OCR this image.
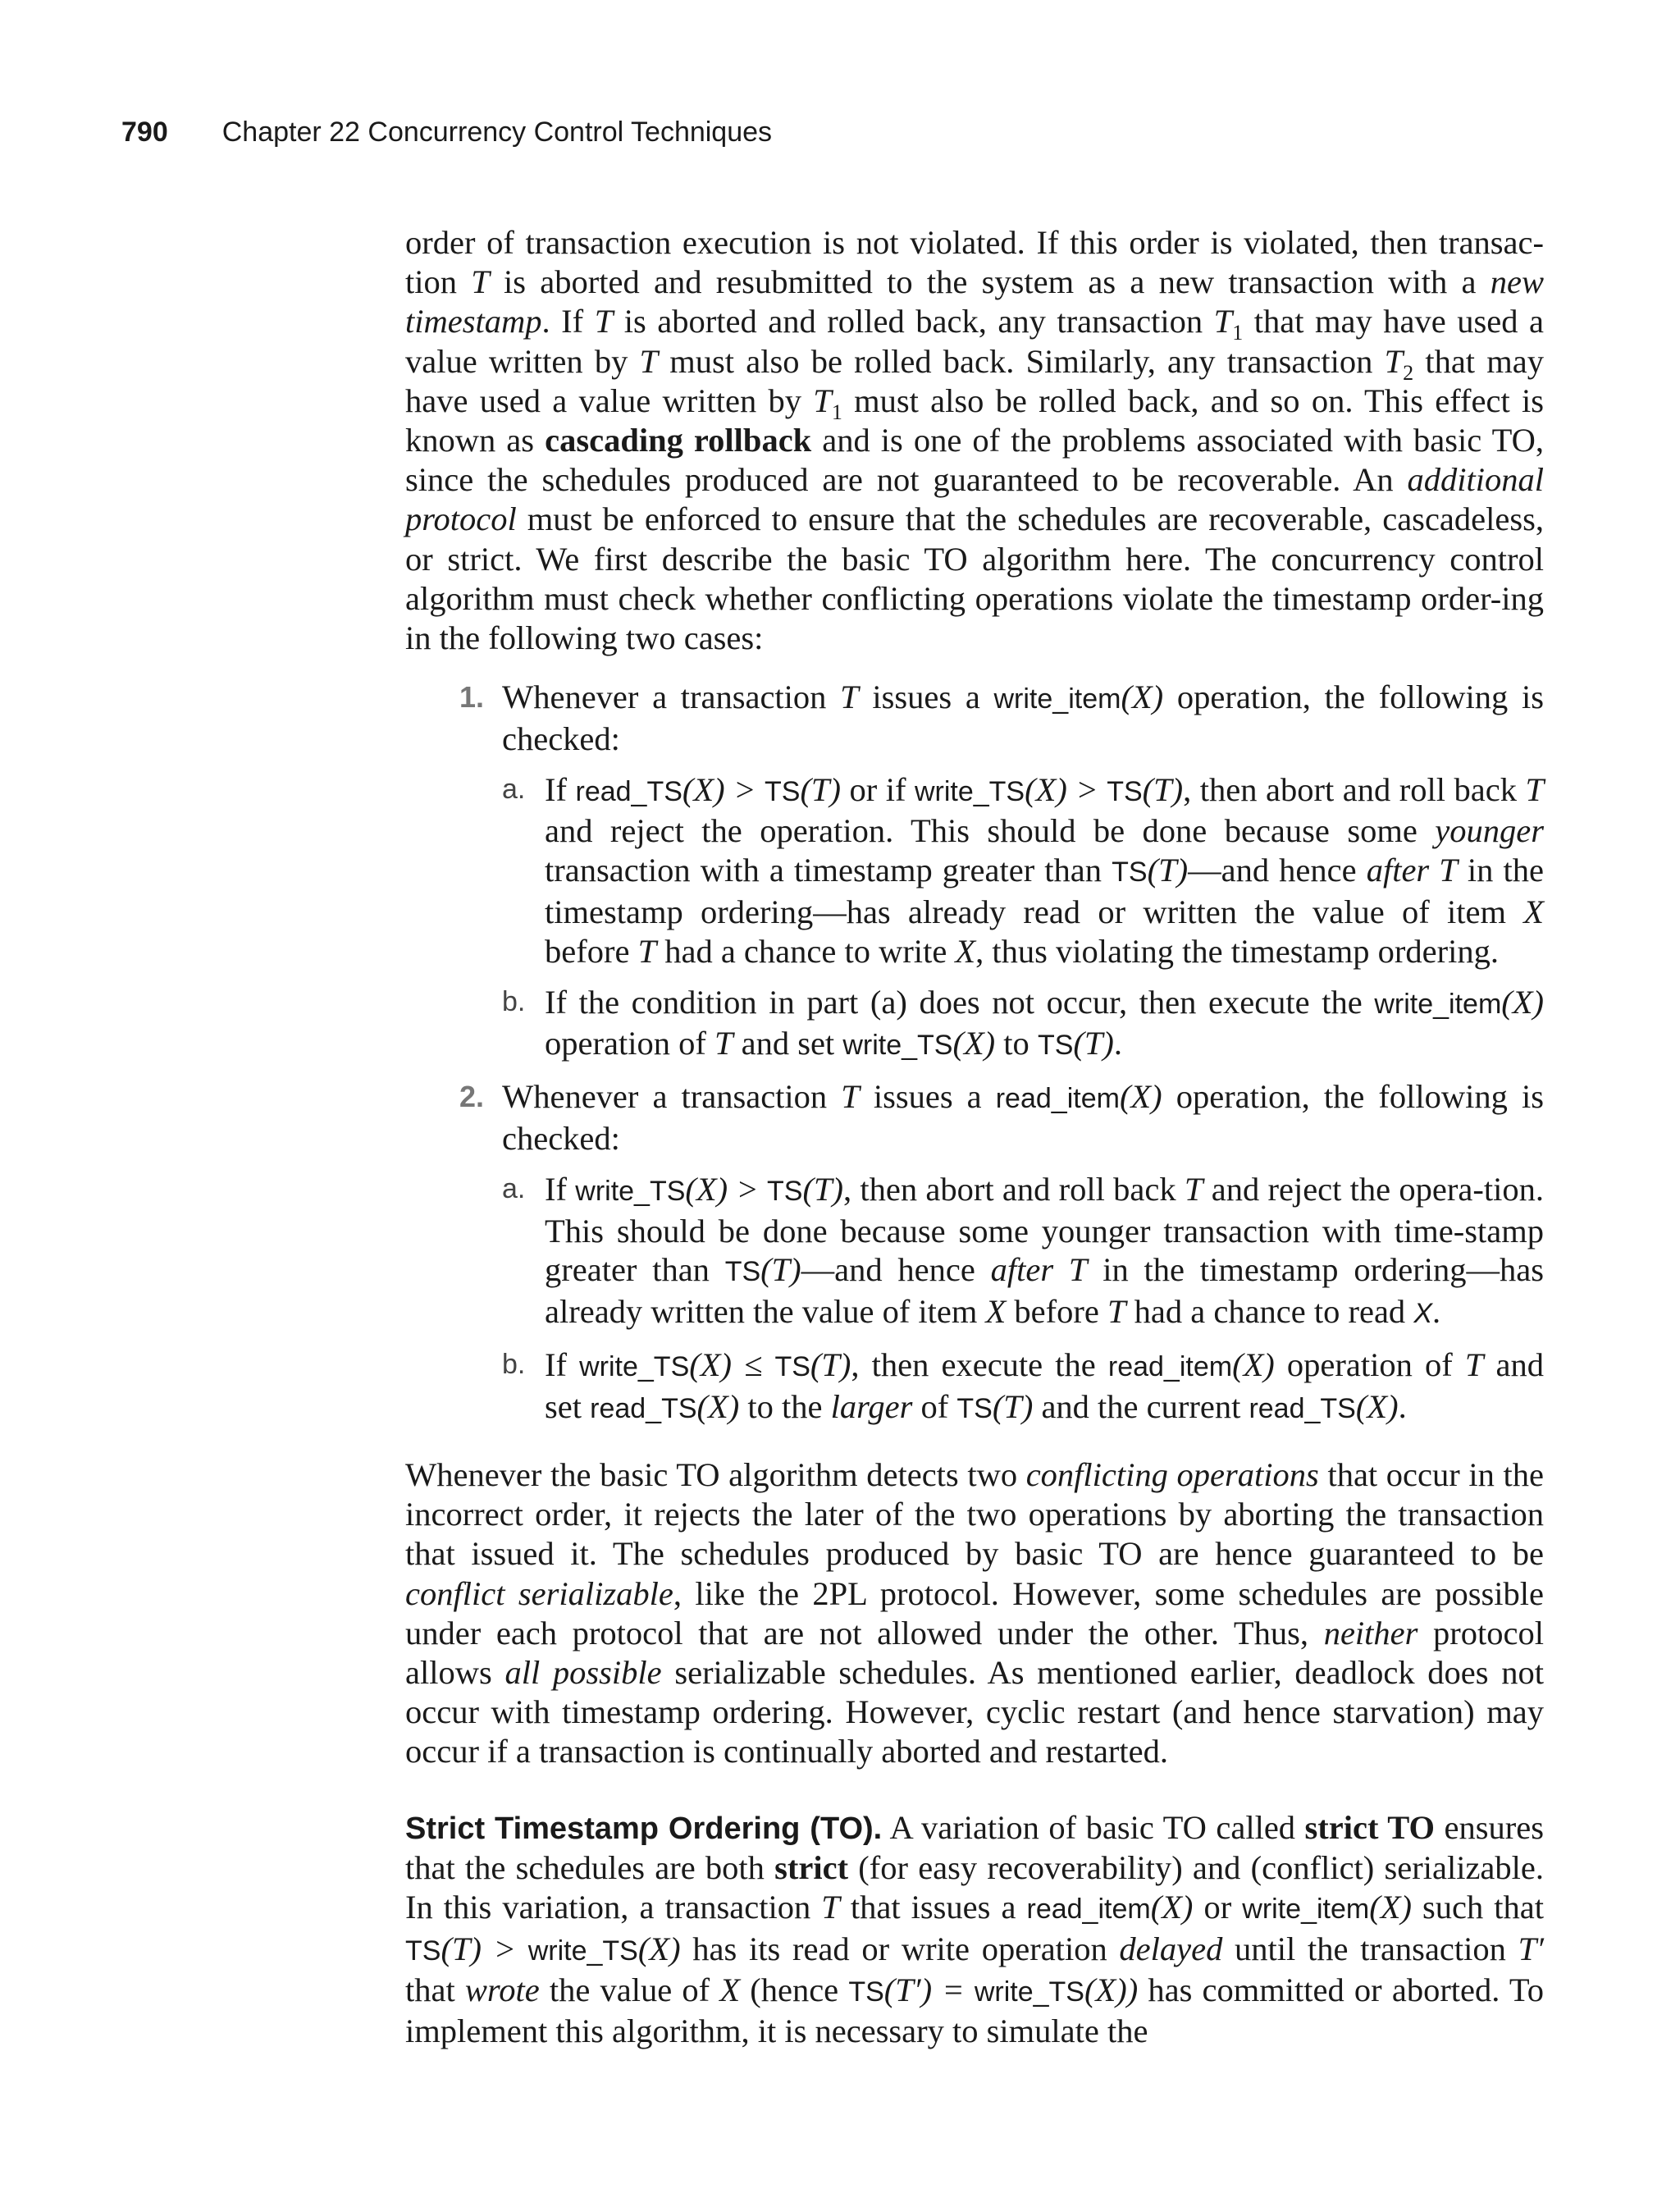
790 Chapter 22 Concurrency Control Techniques

order of transaction execution is not violated. If this order is violated, then transac-tion T is aborted and resubmitted to the system as a new transaction with a new timestamp. If T is aborted and rolled back, any transaction $T_1$ that may have used a value written by T must also be rolled back. Similarly, any transaction $T_2$ that may have used a value written by $T_1$ must also be rolled back, and so on. This effect is known as cascading rollback and is one of the problems associated with basic TO, since the schedules produced are not guaranteed to be recoverable. An additional protocol must be enforced to ensure that the schedules are recoverable, cascadeless, or strict. We first describe the basic TO algorithm here. The concurrency control algorithm must check whether conflicting operations violate the timestamp order-ing in the following two cases:

1. Whenever a transaction T issues a write_item(X) operation, the following is checked:
a. If read_TS(X) > TS(T) or if write_TS(X) > TS(T), then abort and roll back T and reject the operation. This should be done because some younger transaction with a timestamp greater than TS(T)—and hence after T in the timestamp ordering—has already read or written the value of item X before T had a chance to write X, thus violating the timestamp ordering.
b. If the condition in part (a) does not occur, then execute the write_item(X) operation of T and set write_TS(X) to TS(T).
2. Whenever a transaction T issues a read_item(X) operation, the following is checked:
a. If write_TS(X) > TS(T), then abort and roll back T and reject the opera-tion. This should be done because some younger transaction with time-stamp greater than TS(T)—and hence after T in the timestamp ordering—has already written the value of item X before T had a chance to read X.
b. If write_TS(X) ≤ TS(T), then execute the read_item(X) operation of T and set read_TS(X) to the larger of TS(T) and the current read_TS(X).
Whenever the basic TO algorithm detects two conflicting operations that occur in the incorrect order, it rejects the later of the two operations by aborting the transaction that issued it. The schedules produced by basic TO are hence guaranteed to be conflict serializable, like the 2PL protocol. However, some schedules are possible under each protocol that are not allowed under the other. Thus, neither protocol allows all possible serializable schedules. As mentioned earlier, deadlock does not occur with timestamp ordering. However, cyclic restart (and hence starvation) may occur if a transaction is continually aborted and restarted.
Strict Timestamp Ordering (TO). A variation of basic TO called strict TO ensures that the schedules are both strict (for easy recoverability) and (conflict) serializable. In this variation, a transaction T that issues a read_item(X) or write_item(X) such that TS(T) > write_TS(X) has its read or write operation delayed until the transaction T′ that wrote the value of X (hence TS(T′) = write_TS(X)) has committed or aborted. To implement this algorithm, it is necessary to simulate the
